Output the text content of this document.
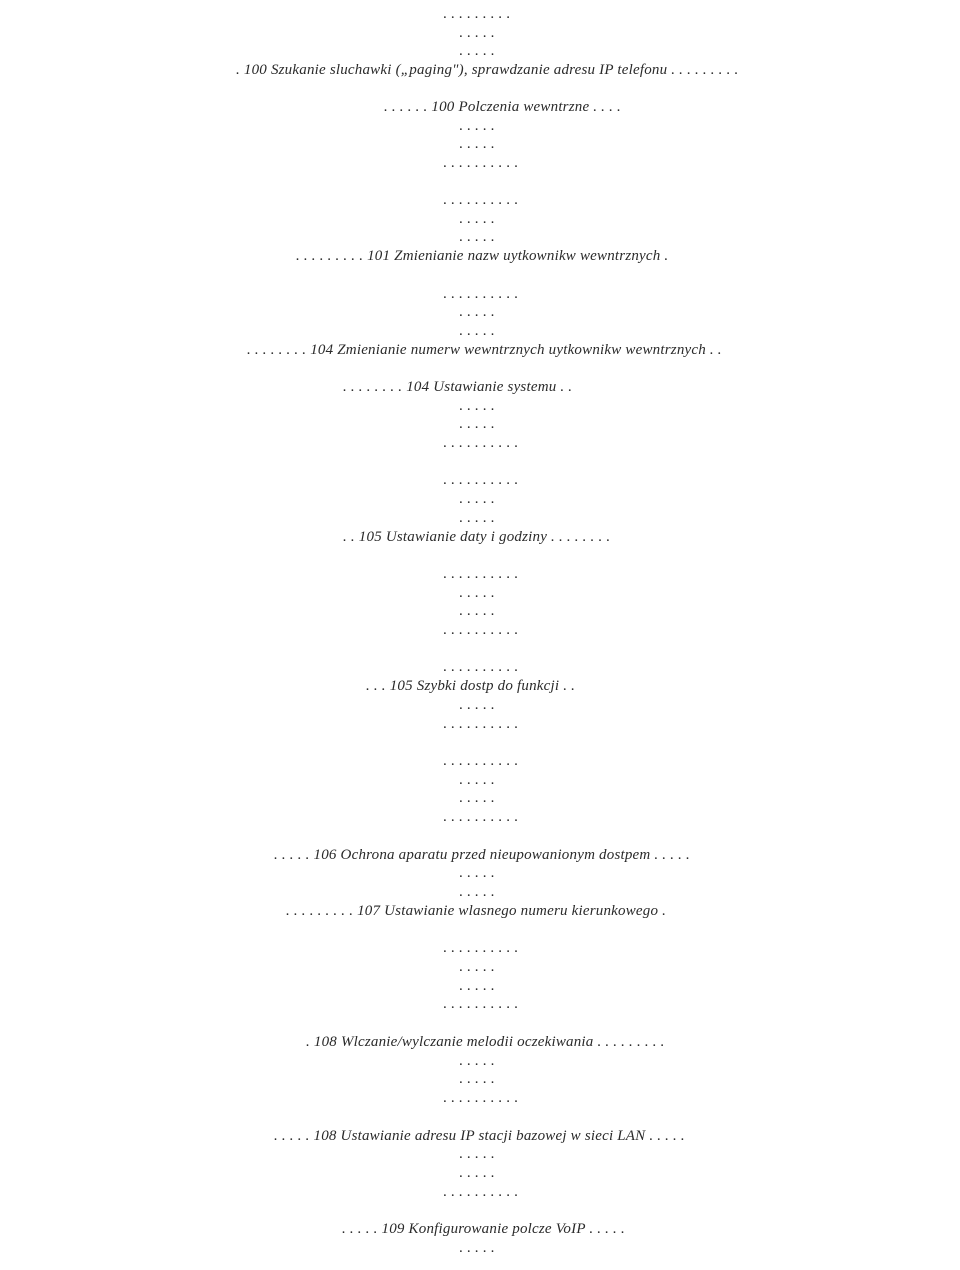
. . . . . . . . .
. . . . .
. . . . .
. 100 Szukanie sluchawki („paging"), sprawdzanie adresu IP telefonu . . . . . . . . .
. . . . . . 100 Polczenia wewntrzne . . . .
. . . . .
. . . . .
. . . . . . . . . .
. . . . . . . . . .
. . . . .
. . . . .
. . . . . . . . . 101 Zmienianie nazw uytkownikw wewntrznych .
. . . . . . . . . .
. . . . .
. . . . .
. . . . . . . . 104 Zmienianie numerw wewntrznych uytkownikw wewntrznych . .
. . . . . . . . 104 Ustawianie systemu . .
. . . . .
. . . . .
. . . . . . . . . .
. . . . . . . . . .
. . . . .
. . . . .
. . 105 Ustawianie daty i godziny . . . . . . . .
. . . . . . . . . .
. . . . .
. . . . .
. . . . . . . . . .
. . . . . . . . . .
. . . 105 Szybki dostp do funkcji . .
. . . . .
. . . . . . . . . .
. . . . . . . . . .
. . . . .
. . . . .
. . . . . . . . . .
. . . . . 106 Ochrona aparatu przed nieupowanionym dostpem . . . . .
. . . . .
. . . . .
. . . . . . . . . 107 Ustawianie wlasnego numeru kierunkowego .
. . . . . . . . . .
. . . . .
. . . . .
. . . . . . . . . .
. 108 Wlczanie/wylczanie melodii oczekiwania . . . . . . . . .
. . . . .
. . . . .
. . . . . . . . . .
. . . . . 108 Ustawianie adresu IP stacji bazowej w sieci LAN . . . . .
. . . . .
. . . . .
. . . . . . . . . .
. . . . . 109 Konfigurowanie polcze VoIP . . . . .
. . . . .
